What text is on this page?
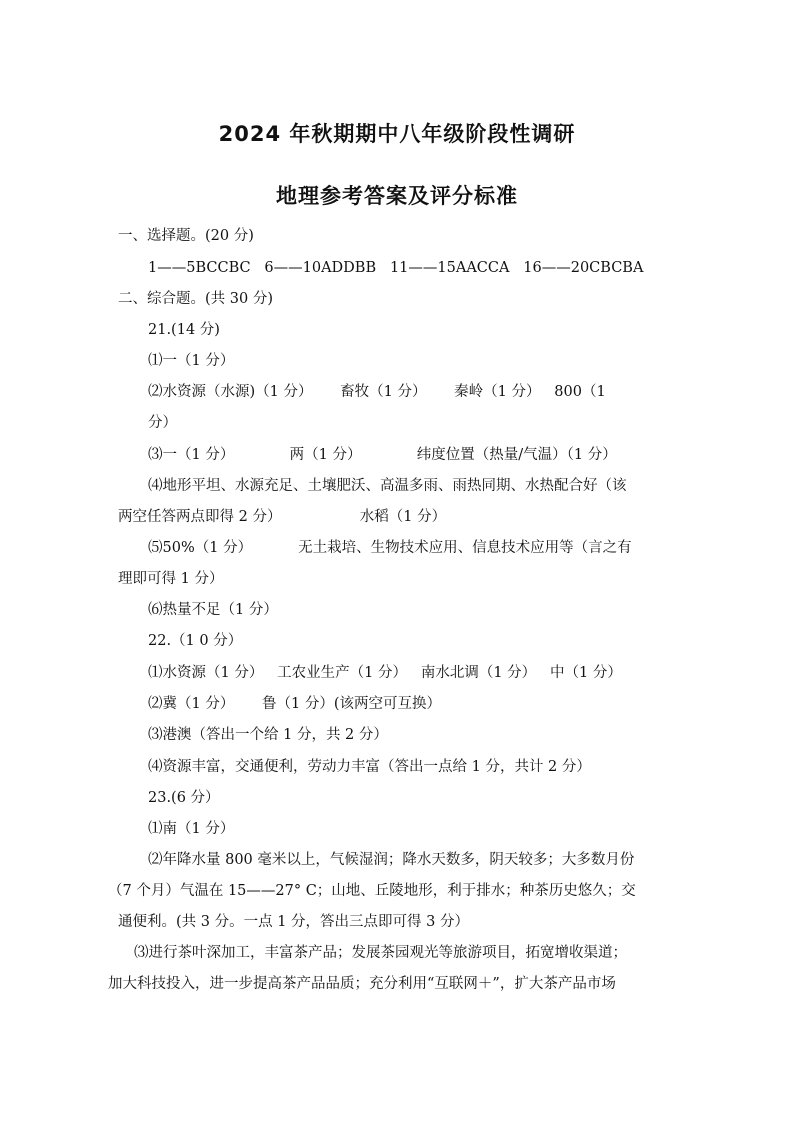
2024 年秋期期中八年级阶段性调研
地理参考答案及评分标准
一、选择题。(20 分)
1——5BCCBC   6——10ADDBB   11——15AACCA   16——20CBCBA
二、综合题。(共 30 分)
21.(14 分)
⑴一（1 分）
⑵水资源（水源)（1 分）      畜牧（1 分）      秦岭（1 分）   800（1
分）
⑶一（1 分）            两（1 分）            纬度位置（热量/气温）（1 分）
⑷地形平坦、水源充足、土壤肥沃、高温多雨、雨热同期、水热配合好（该
两空任答两点即得 2 分）                 水稻（1 分）
⑸50%（1 分）          无土栽培、生物技术应用、信息技术应用等（言之有
理即可得 1 分）
⑹热量不足（1 分）
22.（1 0 分）
⑴水资源（1 分）   工农业生产（1 分）   南水北调（1 分）   中（1 分）
⑵冀（1 分）      鲁（1 分）(该两空可互换）
⑶港澳（答出一个给 1 分，共 2 分）
⑷资源丰富，交通便利，劳动力丰富（答出一点给 1 分，共计 2 分）
23.(6 分）
⑴南（1 分）
⑵年降水量 800 毫米以上，气候湿润；降水天数多，阴天较多；大多数月份
（7 个月）气温在 15——27° C；山地、丘陵地形，利于排水；种茶历史悠久；交
通便利。(共 3 分。一点 1 分，答出三点即可得 3 分）
⑶进行茶叶深加工，丰富茶产品；发展茶园观光等旅游项目，拓宽增收渠道；
加大科技投入，进一步提高茶产品品质；充分利用“互联网＋”，扩大茶产品市场
